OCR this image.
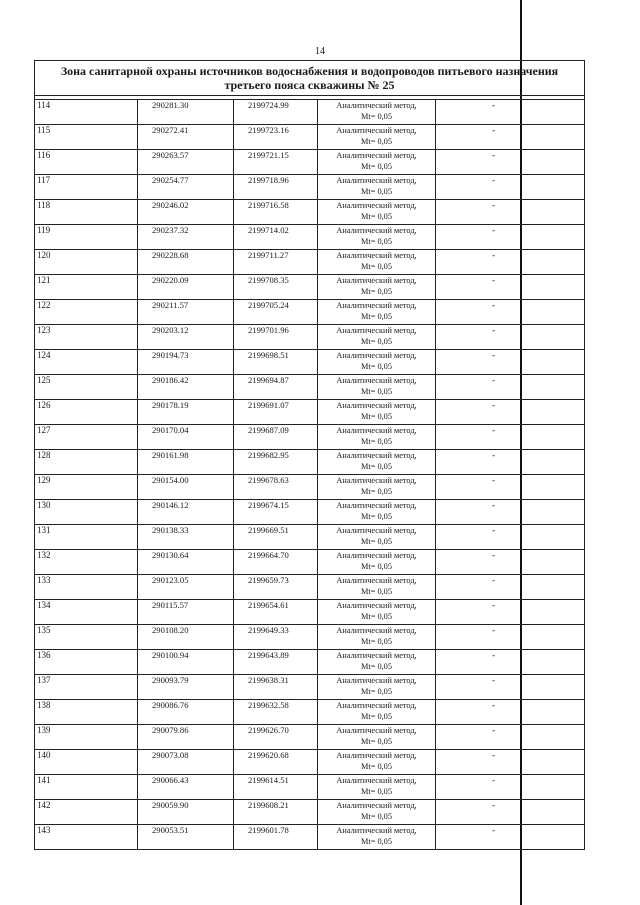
14
Зона санитарной охраны источников водоснабжения и водопроводов питьевого назначения третьего пояса скважины № 25				

114	290281.30	2199724.99	Аналитический метод,
Mt= 0,05	-
115	290272.41	2199723.16	Аналитический метод,
Mt= 0,05	-
116	290263.57	2199721.15	Аналитический метод,
Mt= 0,05	-
117	290254.77	2199718.96	Аналитический метод,
Mt= 0,05	-
118	290246.02	2199716.58	Аналитический метод,
Mt= 0,05	-
119	290237.32	2199714.02	Аналитический метод,
Mt= 0,05	-
120	290228.68	2199711.27	Аналитический метод,
Mt= 0,05	-
121	290220.09	2199708.35	Аналитический метод,
Mt= 0,05	-
122	290211.57	2199705.24	Аналитический метод,
Mt= 0,05	-
123	290203.12	2199701.96	Аналитический метод,
Mt= 0,05	-
124	290194.73	2199698.51	Аналитический метод,
Mt= 0,05	-
125	290186.42	2199694.87	Аналитический метод,
Mt= 0,05	-
126	290178.19	2199691.07	Аналитический метод,
Mt= 0,05	-
127	290170.04	2199687.09	Аналитический метод,
Mt= 0,05	-
128	290161.98	2199682.95	Аналитический метод,
Mt= 0,05	-
129	290154.00	2199678.63	Аналитический метод,
Mt= 0,05	-
130	290146.12	2199674.15	Аналитический метод,
Mt= 0,05	-
131	290138.33	2199669.51	Аналитический метод,
Mt= 0,05	-
132	290130.64	2199664.70	Аналитический метод,
Mt= 0,05	-
133	290123.05	2199659.73	Аналитический метод,
Mt= 0,05	-
134	290115.57	2199654.61	Аналитический метод,
Mt= 0,05	-
135	290108.20	2199649.33	Аналитический метод,
Mt= 0,05	-
136	290100.94	2199643.89	Аналитический метод,
Mt= 0,05	-
137	290093.79	2199638.31	Аналитический метод,
Mt= 0,05	-
138	290086.76	2199632.58	Аналитический метод,
Mt= 0,05	-
139	290079.86	2199626.70	Аналитический метод,
Mt= 0,05	-
140	290073.08	2199620.68	Аналитический метод,
Mt= 0,05	-
141	290066.43	2199614.51	Аналитический метод,
Mt= 0,05	-
142	290059.90	2199608.21	Аналитический метод,
Mt= 0,05	-
143	290053.51	2199601.78	Аналитический метод,
Mt= 0,05	-
